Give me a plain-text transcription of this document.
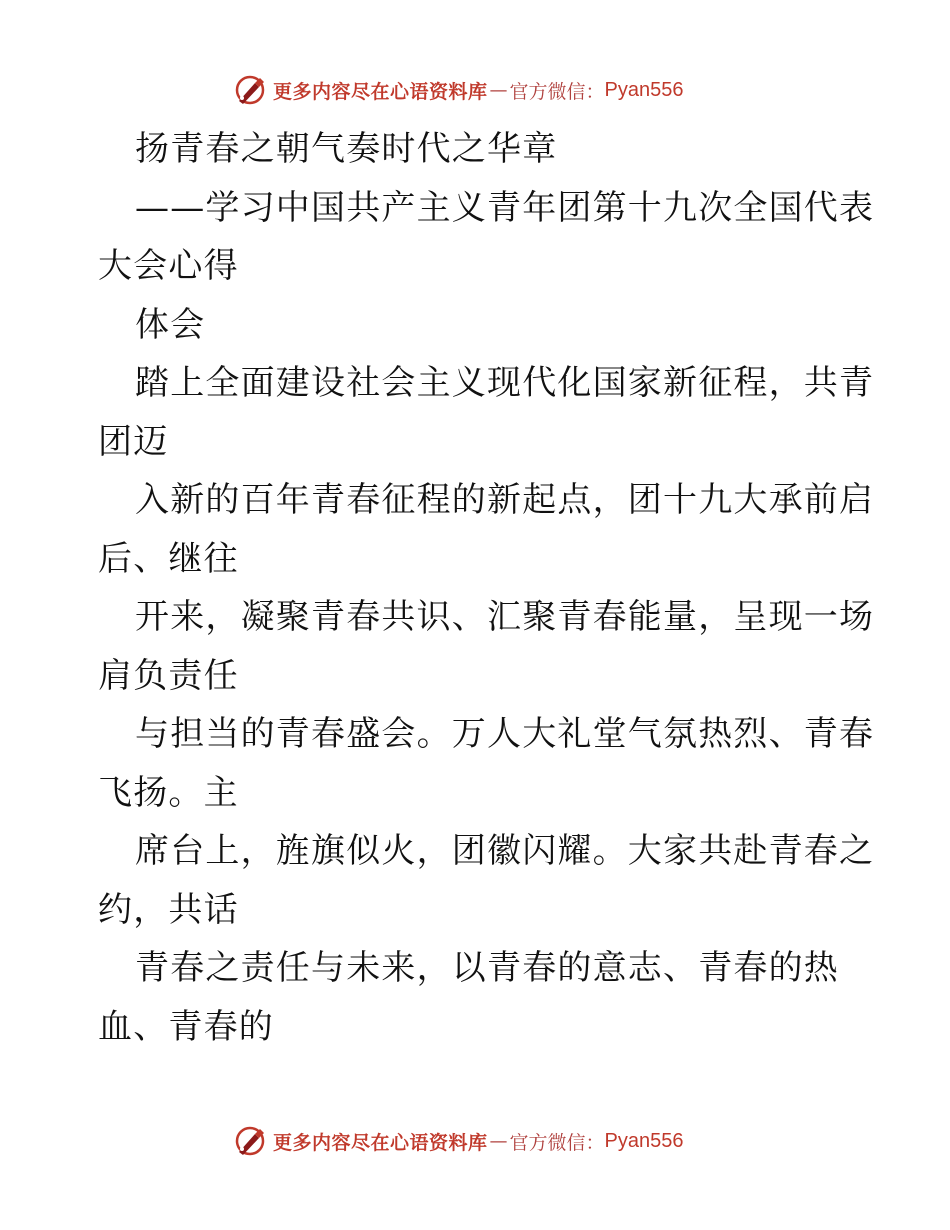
更多内容尽在心语资料库 — 官方微信： Pyan556
扬青春之朝气奏时代之华章
——学习中国共产主义青年团第十九次全国代表
大会心得
体会
踏上全面建设社会主义现代化国家新征程，共青
团迈
入新的百年青春征程的新起点，团十九大承前启
后、继往
开来，凝聚青春共识、汇聚青春能量，呈现一场
肩负责任
与担当的青春盛会。万人大礼堂气氛热烈、青春
飞扬。主
席台上，旌旗似火，团徽闪耀。大家共赴青春之
约，共话
青春之责任与未来，以青春的意志、青春的热
血、青春的
更多内容尽在心语资料库 — 官方微信： Pyan556
